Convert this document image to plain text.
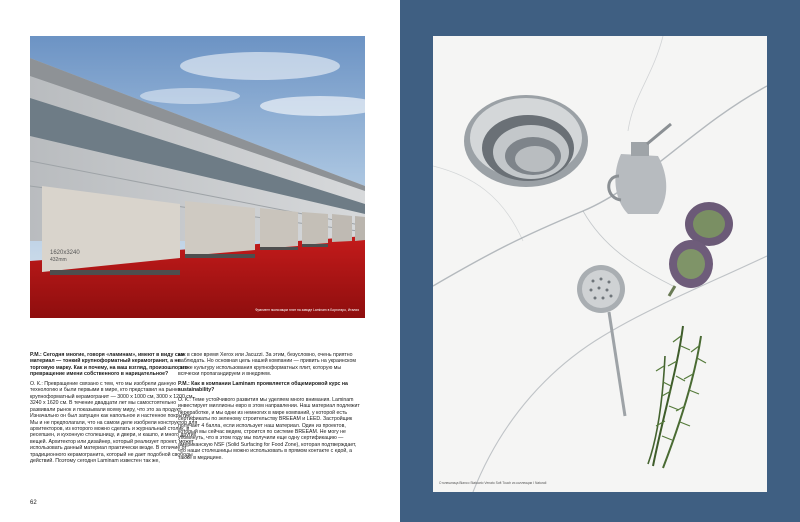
1620x3240
432mm
Фрагмент экспозиции плит на заводе Laminam в Борготаро, Италия

P.M.: Сегодня многие, говоря «ламинам», имеют в виду сам материал — тонкий крупноформатный керамогранит, а не торговую марку. Как и почему, на ваш взгляд, произошло это превращение имени собственного в нарицательное?

О. К.: Превращение связано с тем, что мы изобрели данную технологию и были первыми в мире, кто представил на рынке крупноформатный керамогранит — 3000 х 1000 см, 3000 х 1200 см, 3240 х 1620 см. В течение двадцати лет мы самостоятельно развивали рынок и показывали всему миру, что это за продукт. Изначально он был запущен как напольное и настенное покрытие. Мы и не предполагали, что на самом деле изобрели конструктор для архитекторов, из которого можно сделать и журнальный столик, и ресепшен, и кухонную столешницу, и двери, и кашпо, и много других вещей. Архитектор или дизайнер, который реализует проект, может использовать данный материал практически везде. В отличие от традиционного керамогранита, который не дает подобной свободы действий. Поэтому сегодня Laminam известен так же,

как в свое время Xerox или Jacuzzi. За этим, безусловно, очень приятно наблюдать. Но основная цель нашей компании — привить на украинском рынке культуру использования крупноформатных плит, которую мы всячески пропагандируем и внедряем.

P.M.: Как в компании Laminam проявляется общемировой курс на sustainability?

О. К.: Теме устойчивого развития мы уделяем много внимания. Laminam инвестирует миллионы евро в этом направлении. Наш материал подлежит переработке, и мы одни из немногих в мире компаний, у которой есть сертификаты по зеленому строительству BREEAM и LEED. Застройщик получает 4 балла, если использует наш материал. Один из проектов, который мы сейчас ведем, строится по системе BREEAM. Не могу не упомянуть, что в этом году мы получили еще одну сертификацию — американскую NSF (Solid Surfacing for Food Zone), которая подтверждает, что наши столешницы можно использовать в прямом контакте с едой, а также в медицине.

62
Столешница Bianco Statuario Venato Soft Touch из коллекции I Naturali
